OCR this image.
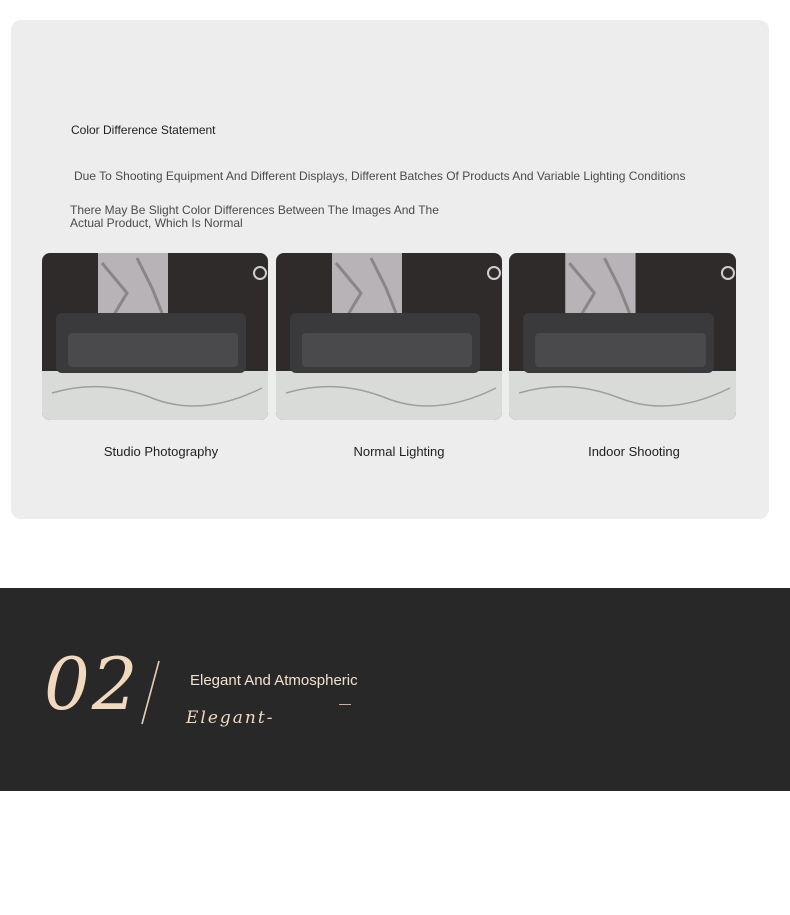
Color Difference Statement
Due To Shooting Equipment And Different Displays, Different Batches Of Products And Variable Lighting Conditions
There May Be Slight Color Differences Between The Images And The Actual Product, Which Is Normal
Studio Photography	Normal Lighting	Indoor Shooting
02	Elegant And Atmospheric
Elegant-
